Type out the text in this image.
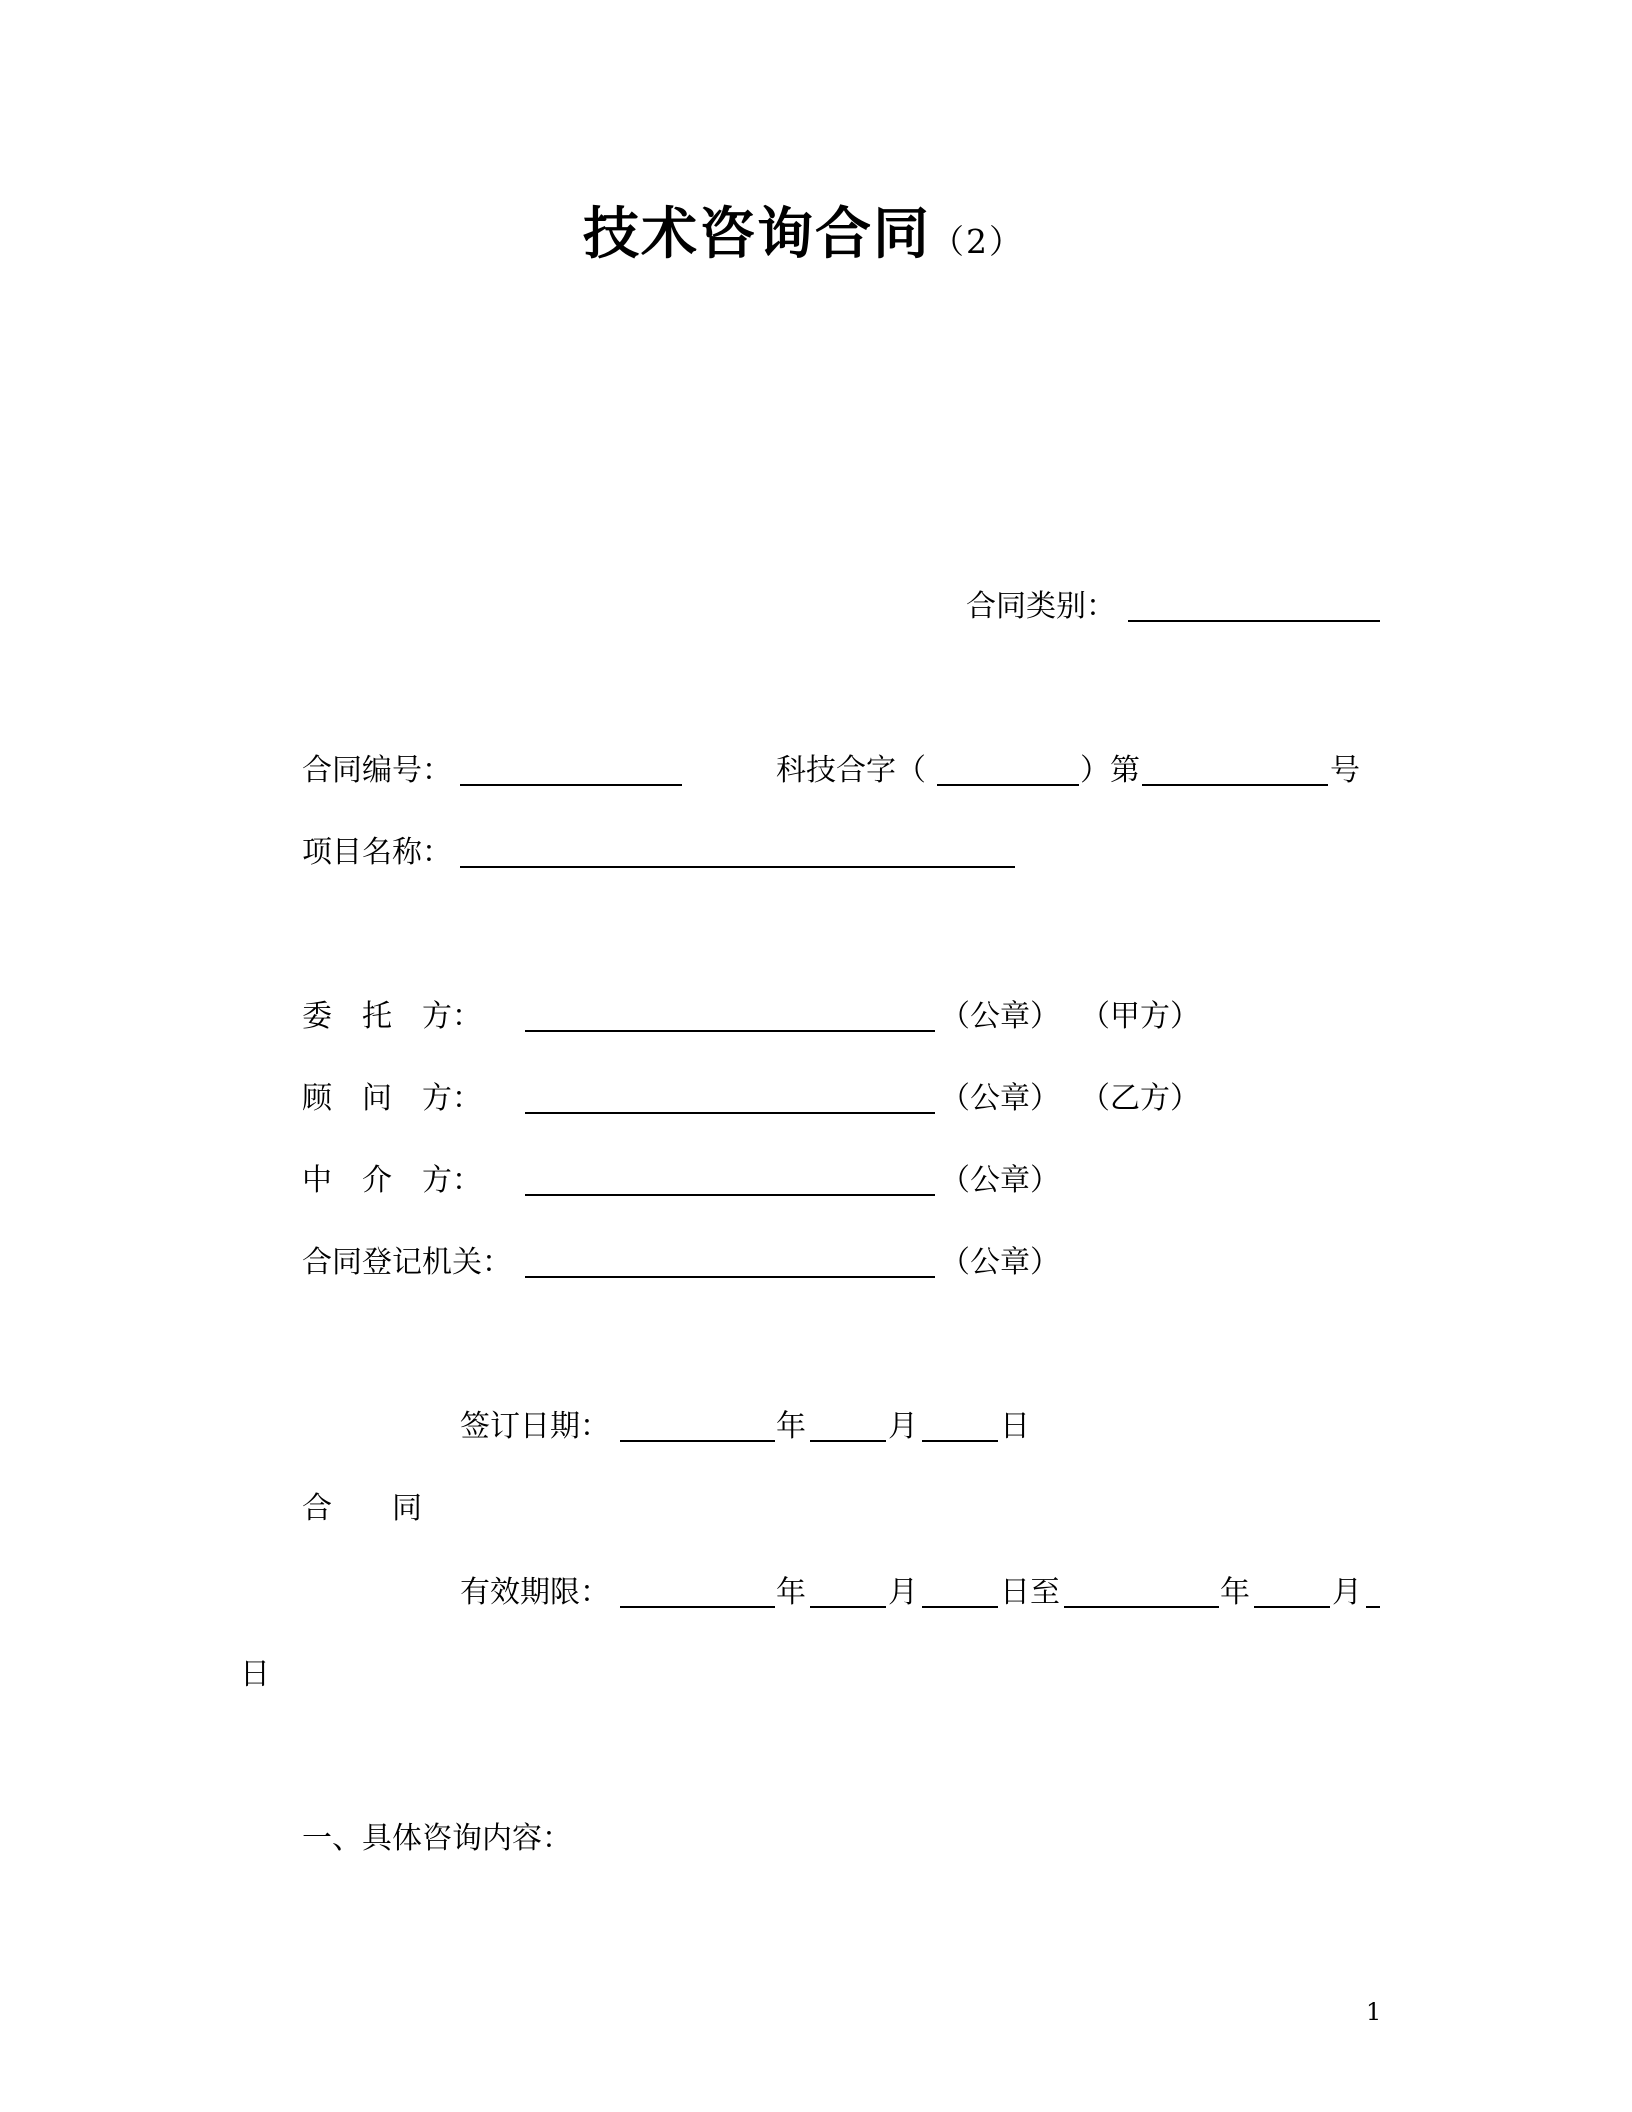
技术咨询合同（2）
合同类别：
合同编号：	科技合字（	）第	号
项目名称：
委　托　方：	（公章） （甲方）
顾　问　方：	（公章） （乙方）
中　介　方：	（公章）
合同登记机关：	（公章）
签订日期：	年	月	日
合　　同
有效期限：	年	月	日至	年	月
日
一、具体咨询内容：
1
